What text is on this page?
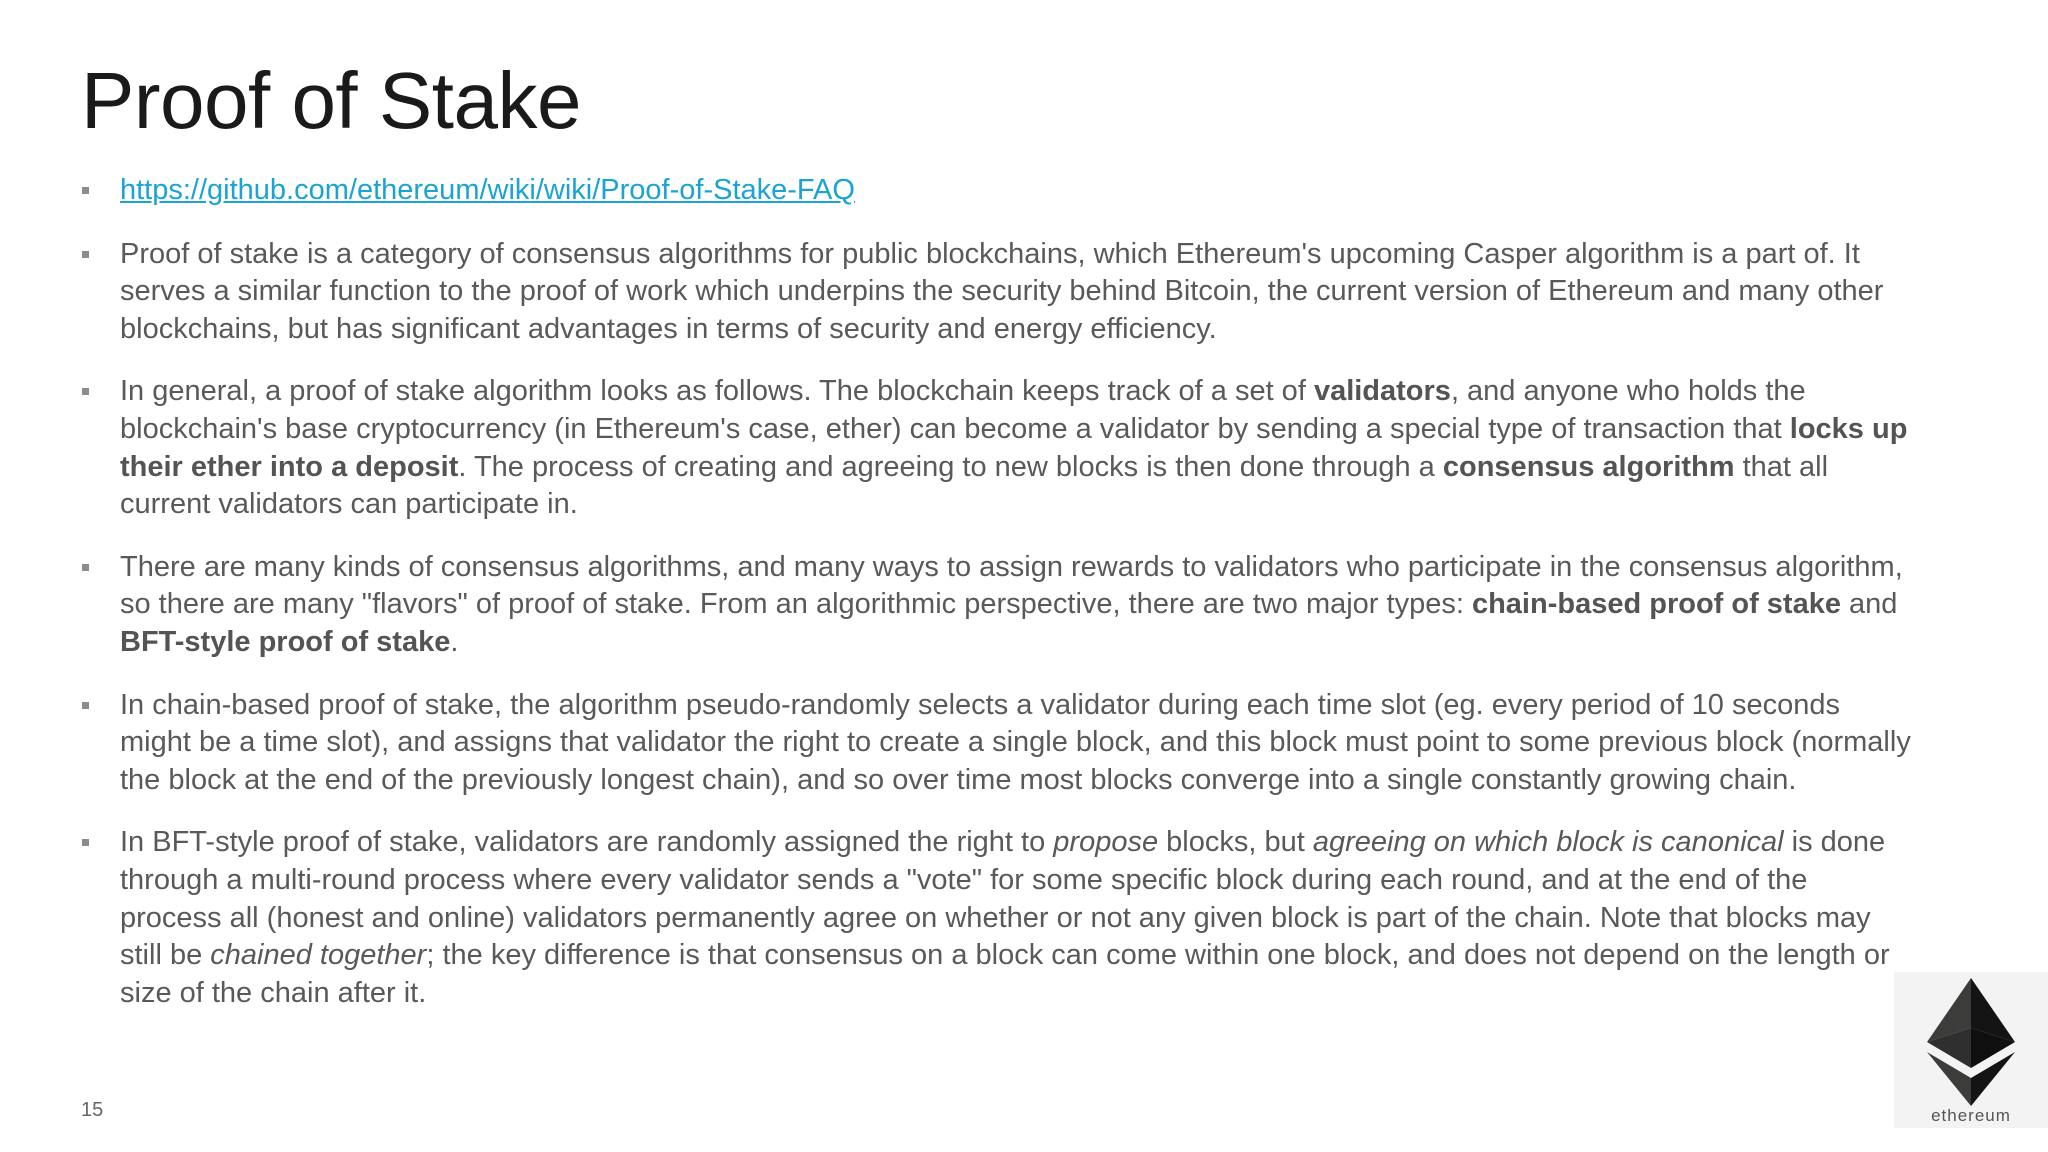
Proof of Stake
https://github.com/ethereum/wiki/wiki/Proof-of-Stake-FAQ
Proof of stake is a category of consensus algorithms for public blockchains, which Ethereum's upcoming Casper algorithm is a part of. It serves a similar function to the proof of work which underpins the security behind Bitcoin, the current version of Ethereum and many other blockchains, but has significant advantages in terms of security and energy efficiency.
In general, a proof of stake algorithm looks as follows. The blockchain keeps track of a set of validators, and anyone who holds the blockchain's base cryptocurrency (in Ethereum's case, ether) can become a validator by sending a special type of transaction that locks up their ether into a deposit. The process of creating and agreeing to new blocks is then done through a consensus algorithm that all current validators can participate in.
There are many kinds of consensus algorithms, and many ways to assign rewards to validators who participate in the consensus algorithm, so there are many "flavors" of proof of stake. From an algorithmic perspective, there are two major types: chain-based proof of stake and BFT-style proof of stake.
In chain-based proof of stake, the algorithm pseudo-randomly selects a validator during each time slot (eg. every period of 10 seconds might be a time slot), and assigns that validator the right to create a single block, and this block must point to some previous block (normally the block at the end of the previously longest chain), and so over time most blocks converge into a single constantly growing chain.
In BFT-style proof of stake, validators are randomly assigned the right to propose blocks, but agreeing on which block is canonical is done through a multi-round process where every validator sends a "vote" for some specific block during each round, and at the end of the process all (honest and online) validators permanently agree on whether or not any given block is part of the chain. Note that blocks may still be chained together; the key difference is that consensus on a block can come within one block, and does not depend on the length or size of the chain after it.
15	ethereum
